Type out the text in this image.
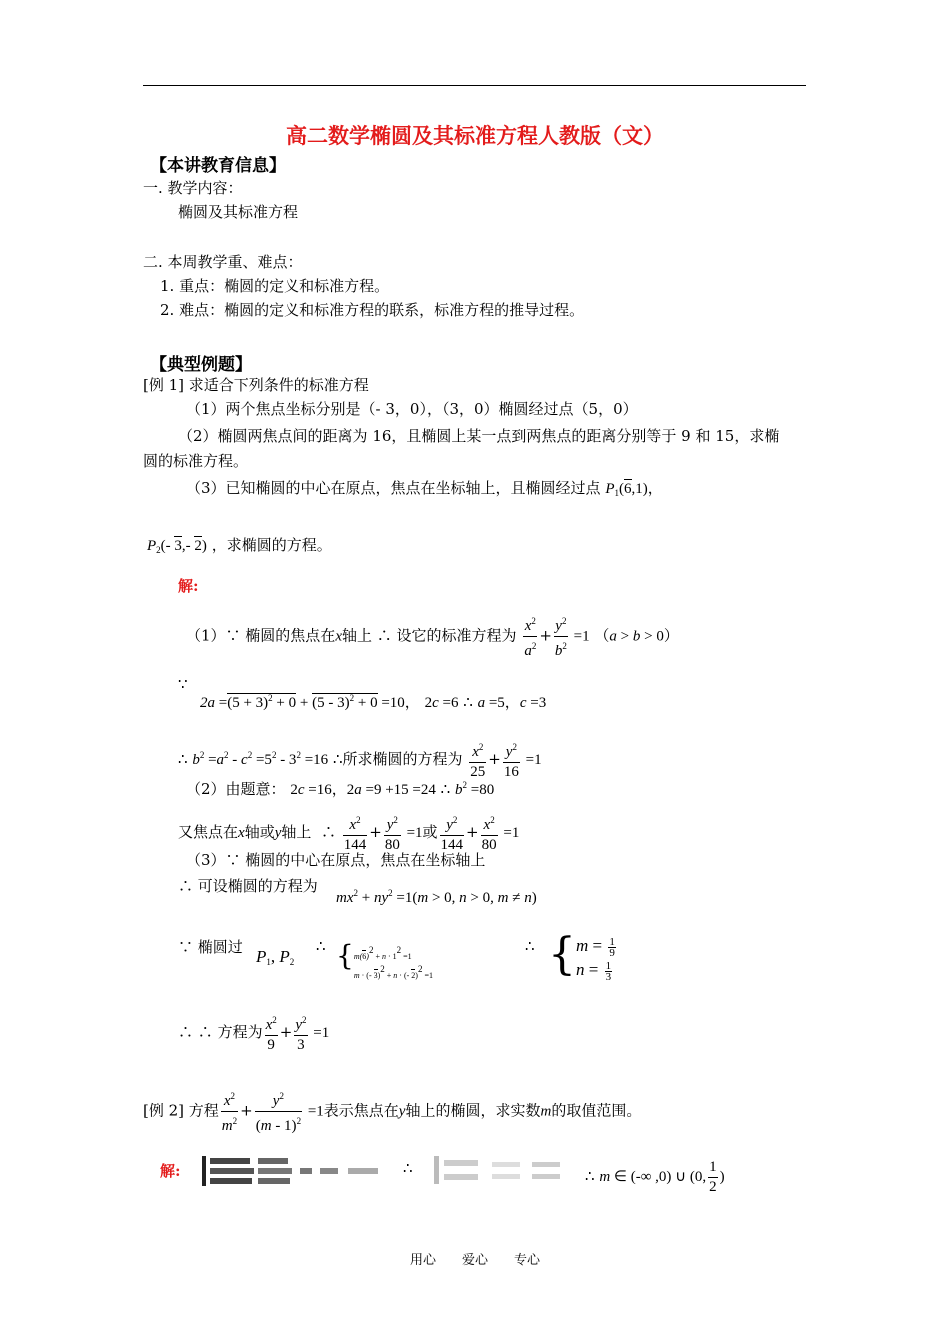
高二数学椭圆及其标准方程人教版（文）
【本讲教育信息】
一. 教学内容：
椭圆及其标准方程
二. 本周教学重、难点：
1. 重点：椭圆的定义和标准方程。
2. 难点：椭圆的定义和标准方程的联系，标准方程的推导过程。
【典型例题】
[例 1] 求适合下列条件的标准方程
（1）两个焦点坐标分别是（- 3，0），（3，0）椭圆经过点（5，0）
（2）椭圆两焦点间的距离为 16，且椭圆上某一点到两焦点的距离分别等于 9 和 15，求椭
圆的标准方程。
（3）已知椭圆的中心在原点，焦点在坐标轴上，且椭圆经过点 $P_1(6,1)$，
$P_2(-$ 3,- 2) ，求椭圆的方程。
解:
（1）∵ 椭圆的焦点在x轴上 ∴ 设它的标准方程为 $\frac{x^2}{a^2} + \frac{y^2}{b^2} =1$ （a > b > 0）
∵
$2a =(5 + 3)^2 + 0 + (5 - 3)^2 + 0 =10$， 2c =6 ∴ a =5，c =3
∴ $b^2 =a^2 - c^2 =5^2 - 3^2 =16$ ∴所求椭圆的方程为 $\frac{x^2}{25} + \frac{y^2}{16} =1$
（2）由题意： 2c =16，2a =9 +15 =24 ∴ $b^2 =80$
又焦点在x轴或y轴上 ∴ $\frac{x^2}{144} + \frac{y^2}{80} =1$或 $\frac{y^2}{144} + \frac{x^2}{80} =1$
（3）∵ 椭圆的中心在原点，焦点在坐标轴上
∴ 可设椭圆的方程为
$mx^2 + ny^2 =1(m > 0$, n > 0, m ≠ n)
∵ 椭圆过 $P_1$, $P_2$
∴ { $m(6)^2 + n \cdot 1^2 =1$
m · (- 3)$^2$ + n · (- 2)$^2$ =1
∴ { $m = \frac{1}{9}$
$n = \frac{1}{3}$
∴ ∴ 方程为 $\frac{x^2}{9} + \frac{y^2}{3} =1$
[例 2] 方程 $\frac{x^2}{m^2} + \frac{y^2}{(m - 1)^2} =1$表示焦点在y轴上的椭圆，求实数m的取值范围。
解:	∴	∴ m ∈ (-∞ ,0) ∪ (0, $\frac{1}{2}$ )
用心　　爱心　　专心
